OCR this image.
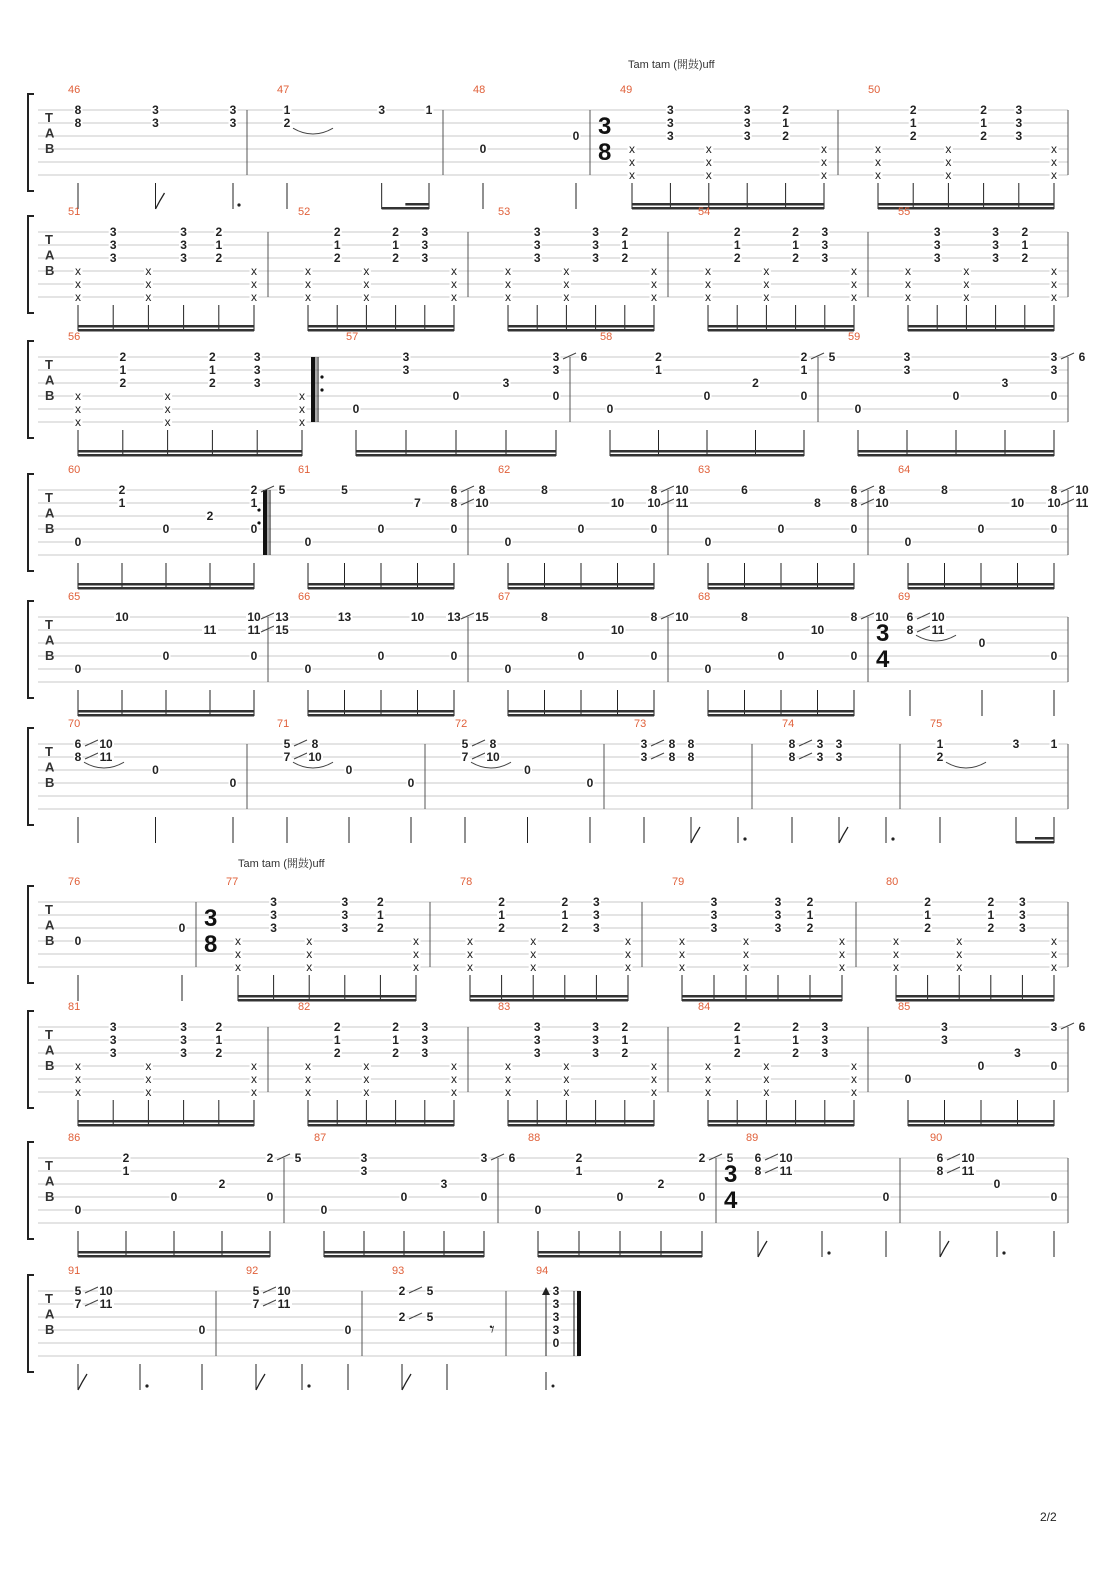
Tam tam (開鼓)uff
Tam tam (開鼓)uff
T
A
B
46
8
8
3
3
3
3
47
1
2
3	1
48
0
0
49
3
8 x
x
x
3
3
3
x
x
x
3
3
3
2
1
2
x
x
x
50
x
x
x
2
1
2
x
x
x
2
1
2
3
3
3
x
x
x
T
A
B
51
x
x
x
3
3
3
x
x
x
3
3
3
2
1
2
x
x
x
52
x
x
x
2
1
2
x
x
x
2
1
2
3
3
3
x
x
x
53
x
x
x
3
3
3
x
x
x
3
3
3
2
1
2
x
x
x
54
x
x
x
2
1
2
x
x
x
2
1
2
3
3
3
x
x
x
55
x
x
x
3
3
3
x
x
x
3
3
3
2
1
2
x
x
x
T
A
B
56
x
x
x
2
1
2
x
x
x
2
1
2
3
3
3
x
x
x
57
0
3
3
0
3
3
3
0
6
58
0
2
1
0
2
2
1
0
5
59
0
3
3
0
3
3
3
0
6
T
A
B
60
0
2
1
0
2
2
1
0
5
61
0
5
0
7
6
8
0
8
10
62
0
8
0
10
8
10
0
10
11
63
0
6
0
8
6
8
0
8
10
64
0
8
0
10
8
10
0
10
11
T
A
B
65
0
10
0
11
10
11
0
13
15
66
0
13
0
10 13
0
15
67
0
8
0
10
8
0
10
68
0
8
0
10
8
0
10
69
3
4
6
8
10
11
0
0
T
A
B
70
6
8
10
11
0
0
71
5
7
8
10
0
0
72
5
7
8
10
0
0
73
3
3
8
8
8
8
74
8
8
3
3
3
3
75
1
2
3	1
T
A
B
76
0
0
77
3
8 x
x
x
3
3
3
x
x
x
3
3
3
2
1
2
x
x
x
78
x
x
x
2
1
2
x
x
x
2
1
2
3
3
3
x
x
x
79
x
x
x
3
3
3
x
x
x
3
3
3
2
1
2
x
x
x
80
x
x
x
2
1
2
x
x
x
2
1
2
3
3
3
x
x
x
T
A
B
81
x
x
x
3
3
3
x
x
x
3
3
3
2
1
2
x
x
x
82
x
x
x
2
1
2
x
x
x
2
1
2
3
3
3
x
x
x
83
x
x
x
3
3
3
x
x
x
3
3
3
2
1
2
x
x
x
84
x
x
x
2
1
2
x
x
x
2
1
2
3
3
3
x
x
x
85
0
3
3
0
3
3
0
6
T
A
B
86
0
2
1
0
2
2
0
5
87
0
3
3
0
3
3
0
6
88
0
2
1
0
2
2
0
5
89
3
4
6
8
10
11
0
90
6
8
10
11
0
0
T
A
B
91
5
7
10
11
0
92
5
7
10
11
0
93
2
2
5
5
𝄾
94
3
3
3
3
0
2/2
